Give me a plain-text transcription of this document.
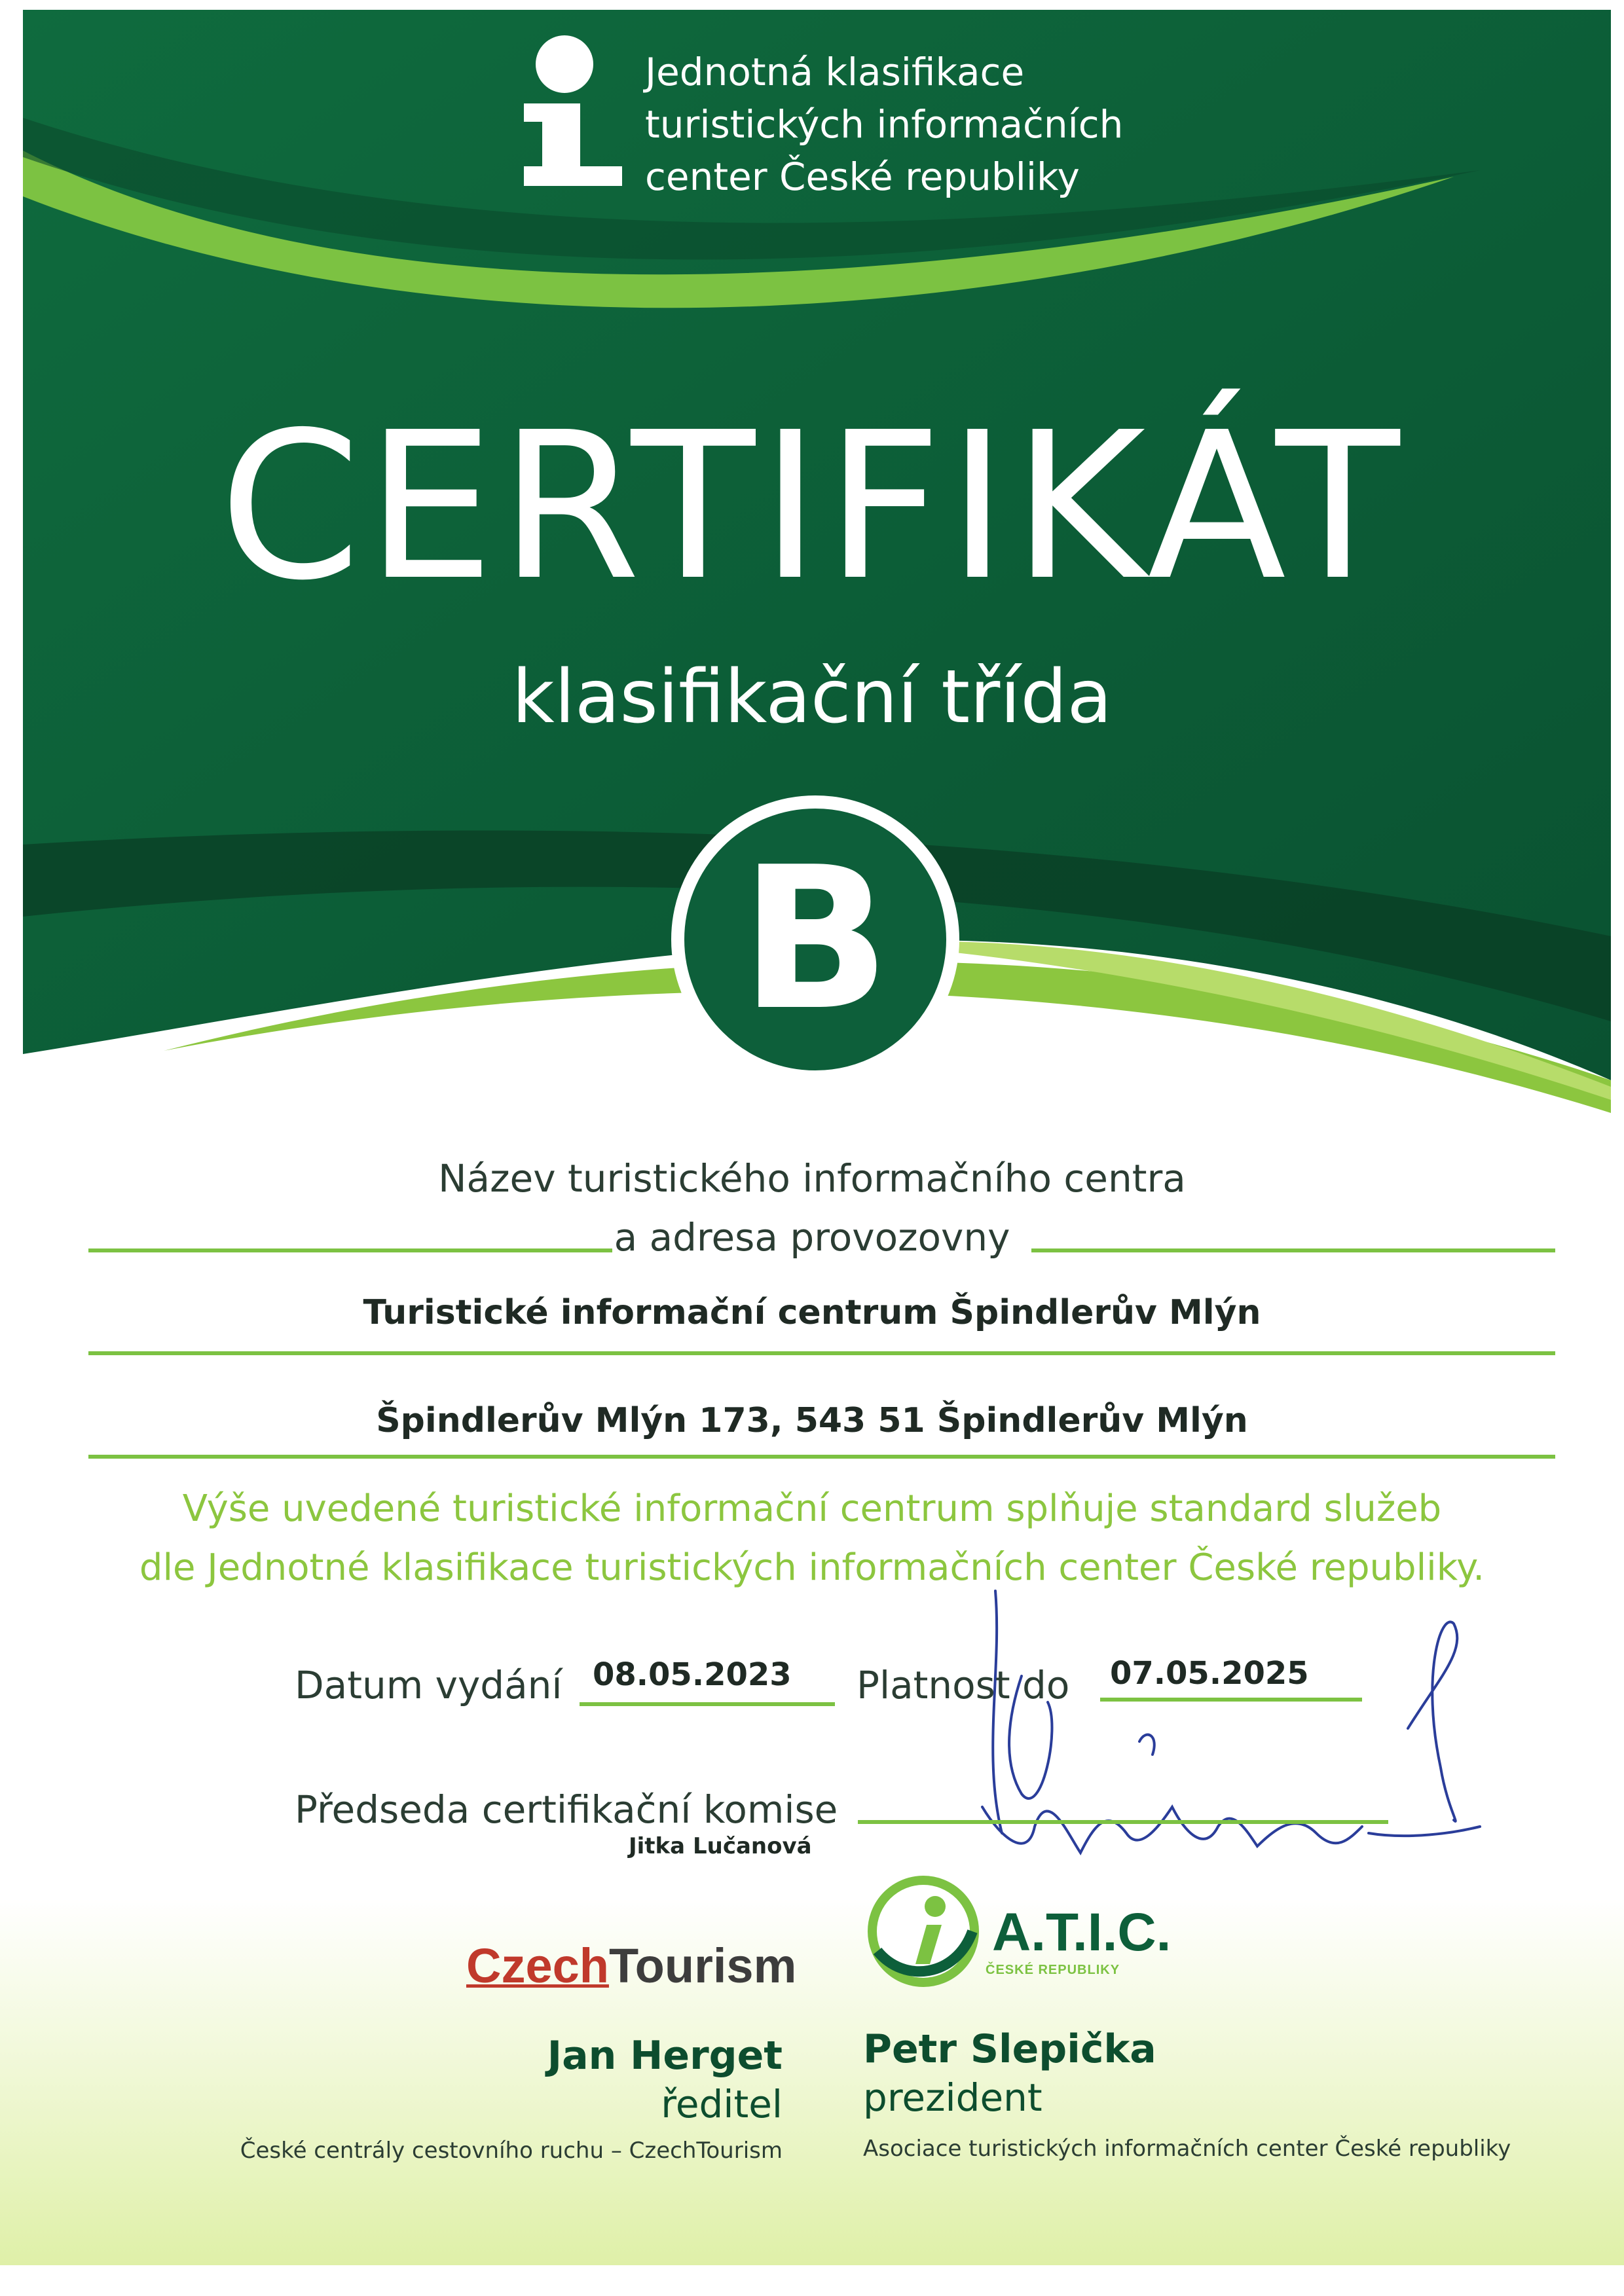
Jednotná klasifikace
turistických informačních
center České republiky
CERTIFIKÁT
klasifikační třída
B
Název turistického informačního centra
a adresa provozovny
Turistické informační centrum Špindlerův Mlýn
Špindlerův Mlýn 173, 543 51 Špindlerův Mlýn
Výše uvedené turistické informační centrum splňuje standard služeb
dle Jednotné klasifikace turistických informačních center České republiky.
Datum vydání 08.05.2023 Platnost do 07.05.2025
Předseda certifikační komise
Jitka Lučanová
CzechTourism
A.T.I.C.
ČESKÉ REPUBLIKY
Jan Herget
ředitel
České centrály cestovního ruchu – CzechTourism
Petr Slepička
prezident
Asociace turistických informačních center České republiky
